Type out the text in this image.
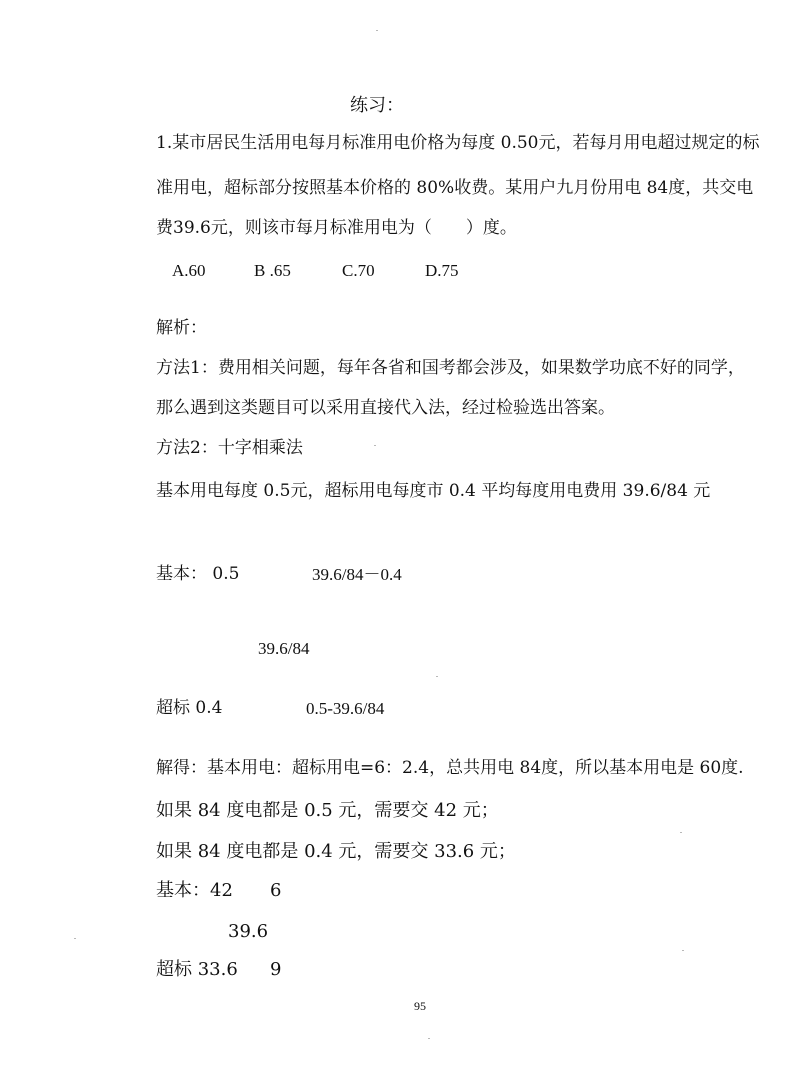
练习：
1.某市居民生活用电每月标准用电价格为每度 0.50元，若每月用电超过规定的标
准用电，超标部分按照基本价格的 80%收费。某用户九月份用电 84度，共交电
费39.6元，则该市每月标准用电为（　　）度。
A.60	B .65	C.70	D.75
解析：
方法1：费用相关问题，每年各省和国考都会涉及，如果数学功底不好的同学，
那么遇到这类题目可以采用直接代入法，经过检验选出答案。
方法2：十字相乘法
基本用电每度 0.5元，超标用电每度市 0.4 平均每度用电费用 39.6/84 元
基本： 0.5	39.6/84－0.4
39.6/84
超标 0.4	0.5-39.6/84
解得：基本用电：超标用电=6：2.4，总共用电 84度，所以基本用电是 60度.
如果 84 度电都是 0.5 元，需要交 42 元；
如果 84 度电都是 0.4 元，需要交 33.6 元；
基本：42 6
39.6
超标 33.6 9
95
